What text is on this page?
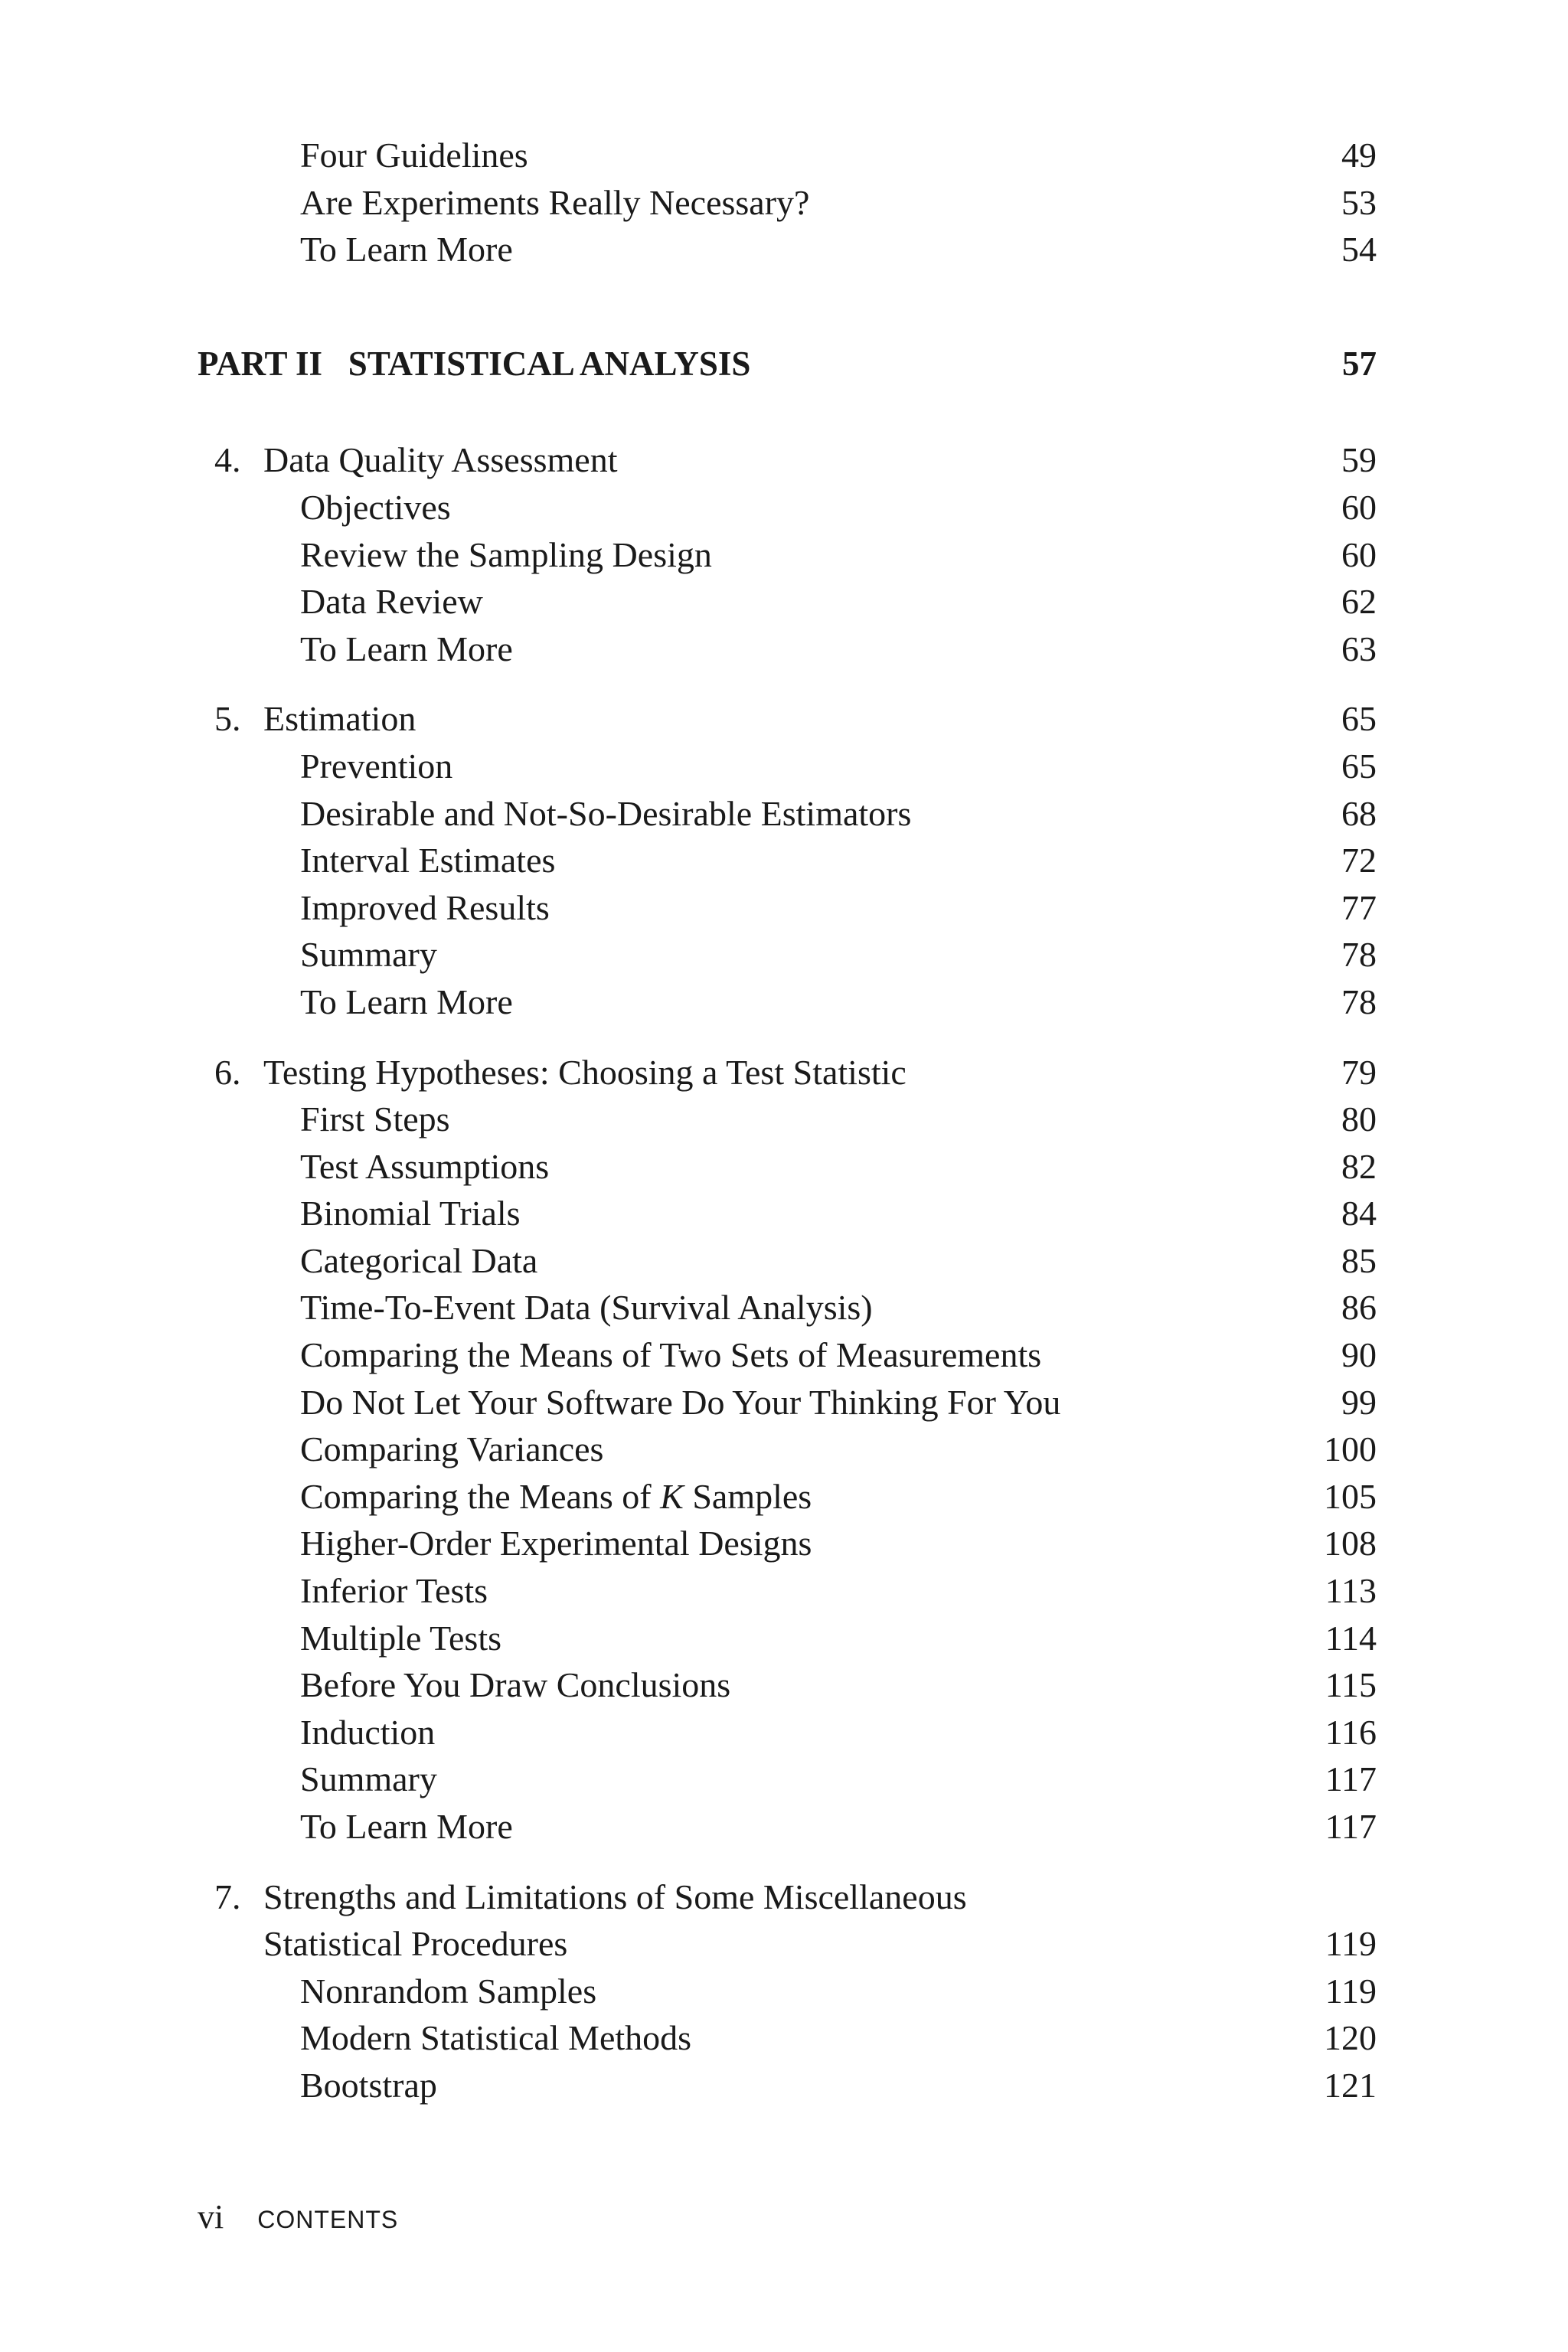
Four Guidelines	49
Are Experiments Really Necessary?	53
To Learn More	54
PART II   STATISTICAL ANALYSIS	57
4. Data Quality Assessment	59
Objectives	60
Review the Sampling Design	60
Data Review	62
To Learn More	63
5. Estimation	65
Prevention	65
Desirable and Not-So-Desirable Estimators	68
Interval Estimates	72
Improved Results	77
Summary	78
To Learn More	78
6. Testing Hypotheses: Choosing a Test Statistic	79
First Steps	80
Test Assumptions	82
Binomial Trials	84
Categorical Data	85
Time-To-Event Data (Survival Analysis)	86
Comparing the Means of Two Sets of Measurements	90
Do Not Let Your Software Do Your Thinking For You	99
Comparing Variances	100
Comparing the Means of K Samples	105
Higher-Order Experimental Designs	108
Inferior Tests	113
Multiple Tests	114
Before You Draw Conclusions	115
Induction	116
Summary	117
To Learn More	117
7. Strengths and Limitations of Some Miscellaneous
Statistical Procedures	119
Nonrandom Samples	119
Modern Statistical Methods	120
Bootstrap	121
vi CONTENTS
